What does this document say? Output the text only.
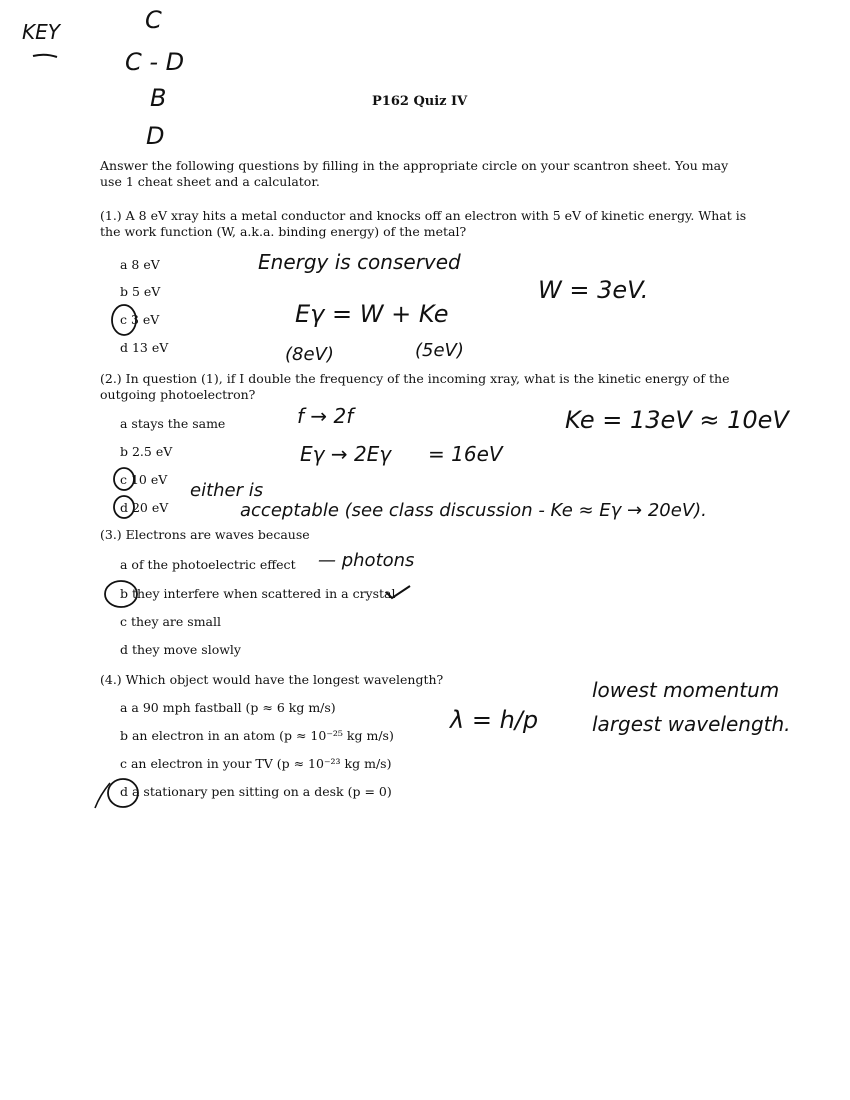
KEY	C
C - D
B
D
P162 Quiz IV
Answer the following questions by filling in the appropriate circle on your scantron sheet. You may use 1 cheat sheet and a calculator.
(1.) A 8 eV xray hits a metal conductor and knocks off an electron with 5 eV of kinetic energy. What is the work function (W, a.k.a. binding energy) of the metal?
a 8 eV
b 5 eV
c 3 eV
d 13 eV
(2.) In question (1), if I double the frequency of the incoming xray, what is the kinetic energy of the outgoing photoelectron?
a stays the same
b 2.5 eV
c 10 eV
d 20 eV
(3.) Electrons are waves because
a of the photoelectric effect
b they interfere when scattered in a crystal
c they are small
d they move slowly
(4.) Which object would have the longest wavelength?
a a 90 mph fastball (p ≈ 6 kg m/s)
b an electron in an atom (p ≈ 10⁻²⁵ kg m/s)
c an electron in your TV (p ≈ 10⁻²³ kg m/s)
d a stationary pen sitting on a desk (p = 0)
Energy is conserved
Eγ = W + Ke
(8eV)	(5eV)
W = 3eV.
f → 2f
Eγ → 2Eγ = 16eV
Ke = 13eV ≈ 10eV
either is
acceptable (see class discussion - Ke ≈ Eγ → 20eV).
— photons
λ = h/p
lowest momentum
largest wavelength.
